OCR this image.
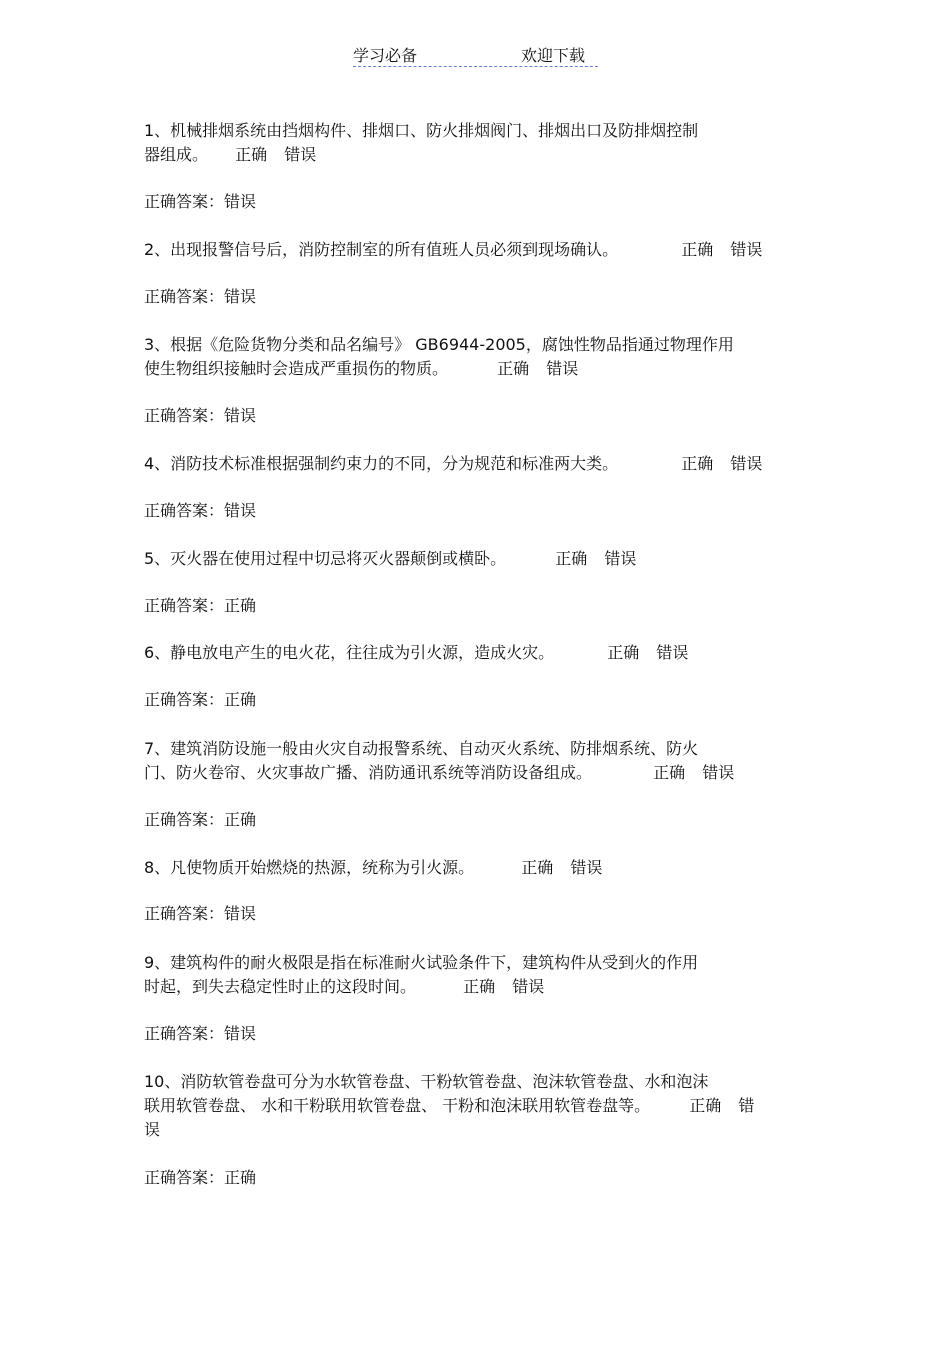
学习必备	欢迎下载
1、机械排烟系统由挡烟构件、排烟口、防火排烟阀门、排烟出口及防排烟控制
器组成。 正确 错误
正确答案：错误
2、出现报警信号后，消防控制室的所有值班人员必须到现场确认。	正确 错误
正确答案：错误
3、根据《危险货物分类和品名编号》 GB6944-2005，腐蚀性物品指通过物理作用
使生物组织接触时会造成严重损伤的物质。	正确 错误
正确答案：错误
4、消防技术标准根据强制约束力的不同，分为规范和标准两大类。	正确 错误
正确答案：错误
5、灭火器在使用过程中切忌将灭火器颠倒或横卧。	正确 错误
正确答案：正确
6、静电放电产生的电火花，往往成为引火源，造成火灾。	正确 错误
正确答案：正确
7、建筑消防设施一般由火灾自动报警系统、自动灭火系统、防排烟系统、防火
门、防火卷帘、火灾事故广播、消防通讯系统等消防设备组成。	正确 错误
正确答案：正确
8、凡使物质开始燃烧的热源，统称为引火源。	正确 错误
正确答案：错误
9、建筑构件的耐火极限是指在标准耐火试验条件下，建筑构件从受到火的作用
时起，到失去稳定性时止的这段时间。	正确 错误
正确答案：错误
10、消防软管卷盘可分为水软管卷盘、干粉软管卷盘、泡沫软管卷盘、水和泡沫
联用软管卷盘、 水和干粉联用软管卷盘、 干粉和泡沫联用软管卷盘等。 正确 错
误
正确答案：正确
